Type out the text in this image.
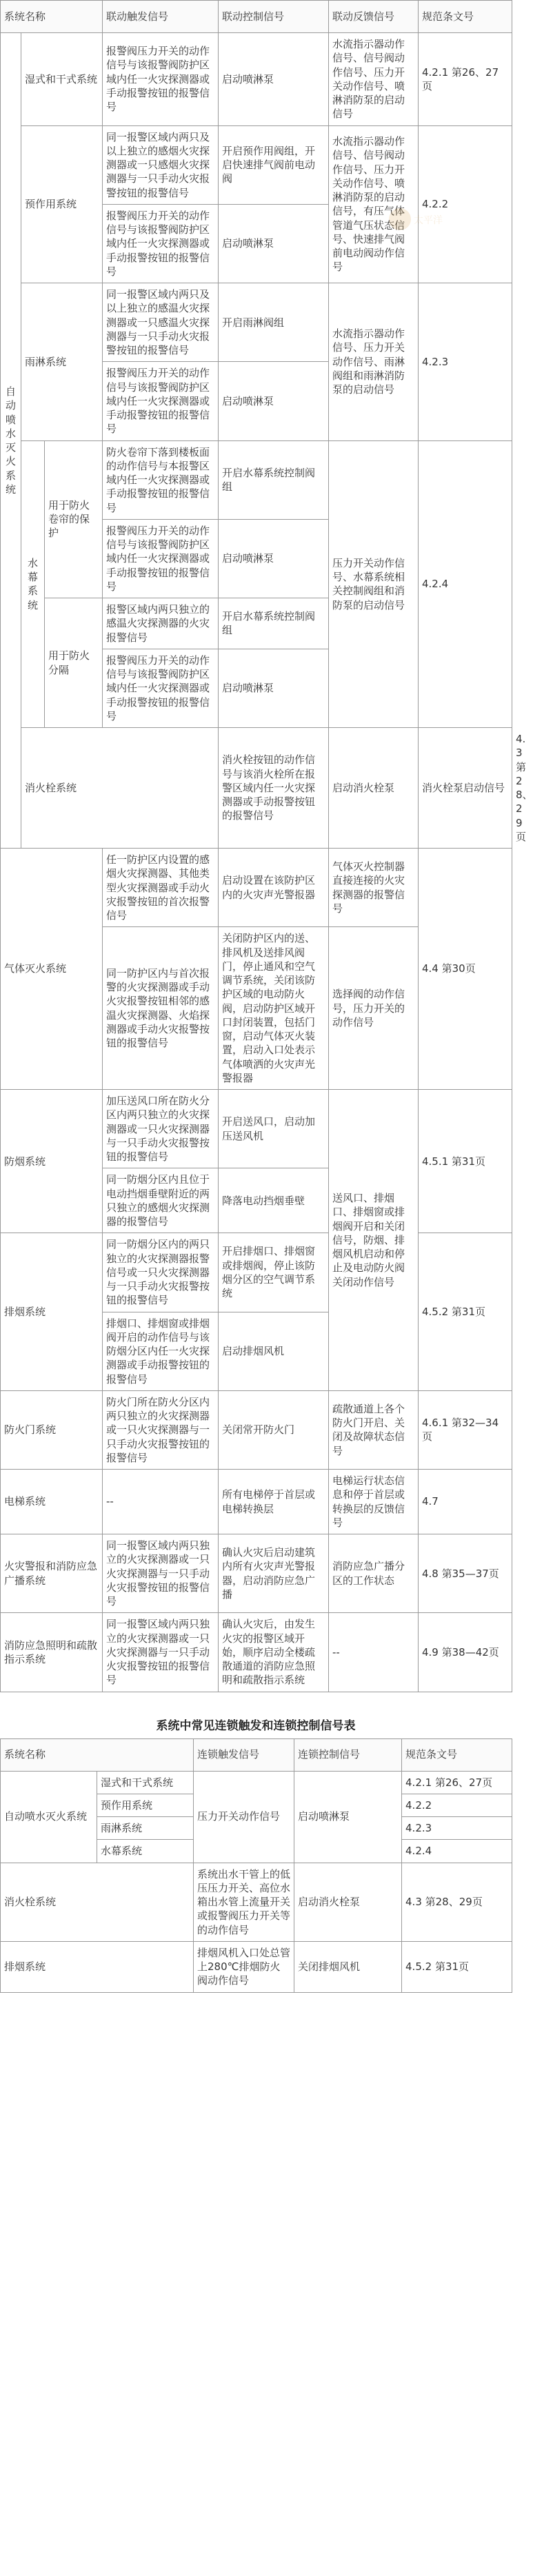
太平洋
系统名称			联动触发信号	联动控制信号	联动反馈信号	规范条文号	
自动喷水灭火系统	湿式和干式系统		报警阀压力开关的动作信号与该报警阀防护区域内任一火灾探测器或手动报警按钮的报警信号	启动喷淋泵	水流指示器动作信号、信号阀动作信号、压力开关动作信号、喷淋消防泵的启动信号	4.2.1 第26、27页	
	预作用系统		同一报警区域内两只及以上独立的感烟火灾探测器或一只感烟火灾探测器与一只手动火灾报警按钮的报警信号	开启预作用阀组，开启快速排气阀前电动阀	水流指示器动作信号、信号阀动作信号、压力开关动作信号、喷淋消防泵的启动信号，有压气体管道气压状态信号、快速排气阀前电动阀动作信号	4.2.2	
			报警阀压力开关的动作信号与该报警阀防护区域内任一火灾探测器或手动报警按钮的报警信号	启动喷淋泵			
	雨淋系统		同一报警区域内两只及以上独立的感温火灾探测器或一只感温火灾探测器与一只手动火灾报警按钮的报警信号	开启雨淋阀组	水流指示器动作信号、压力开关动作信号、雨淋阀组和雨淋消防泵的启动信号	4.2.3	
			报警阀压力开关的动作信号与该报警阀防护区域内任一火灾探测器或手动报警按钮的报警信号	启动喷淋泵			
	水幕系统	用于防火卷帘的保护	防火卷帘下落到楼板面的动作信号与本报警区域内任一火灾探测器或手动报警按钮的报警信号	开启水幕系统控制阀组	压力开关动作信号、水幕系统相关控制阀组和消防泵的启动信号	4.2.4	
			报警阀压力开关的动作信号与该报警阀防护区域内任一火灾探测器或手动报警按钮的报警信号	启动喷淋泵			
		用于防火分隔	报警区域内两只独立的感温火灾探测器的火灾报警信号	开启水幕系统控制阀组			
			报警阀压力开关的动作信号与该报警阀防护区域内任一火灾探测器或手动报警按钮的报警信号	启动喷淋泵			
	消火栓系统			消火栓按钮的动作信号与该消火栓所在报警区域内任一火灾探测器或手动报警按钮的报警信号	启动消火栓泵	消火栓泵启动信号	4.3 第28、29页
气体灭火系统			任一防护区内设置的感烟火灾探测器、其他类型火灾探测器或手动火灾报警按钮的首次报警信号	启动设置在该防护区内的火灾声光警报器	气体灭火控制器直接连接的火灾探测器的报警信号	4.4 第30页	
			同一防护区内与首次报警的火灾探测器或手动火灾报警按钮相邻的感温火灾探测器、火焰探测器或手动火灾报警按钮的报警信号	关闭防护区内的送、排风机及送排风阀门，停止通风和空气调节系统，关闭该防护区域的电动防火阀，启动防护区域开口封闭装置，包括门窗，启动气体灭火装置，启动入口处表示气体喷洒的火灾声光警报器	选择阀的动作信号，压力开关的动作信号		
防烟系统			加压送风口所在防火分区内两只独立的火灾探测器或一只火灾探测器与一只手动火灾报警按钮的报警信号	开启送风口，启动加压送风机	送风口、排烟口、排烟窗或排烟阀开启和关闭信号，防烟、排烟风机启动和停止及电动防火阀关闭动作信号	4.5.1 第31页	
			同一防烟分区内且位于电动挡烟垂壁附近的两只独立的感烟火灾探测器的报警信号	降落电动挡烟垂壁			
排烟系统			同一防烟分区内的两只独立的火灾探测器报警信号或一只火灾探测器与一只手动火灾报警按钮的报警信号	开启排烟口、排烟窗或排烟阀，停止该防烟分区的空气调节系统		4.5.2 第31页	
			排烟口、排烟窗或排烟阀开启的动作信号与该防烟分区内任一火灾探测器或手动报警按钮的报警信号	启动排烟风机			
防火门系统			防火门所在防火分区内两只独立的火灾探测器或一只火灾探测器与一只手动火灾报警按钮的报警信号	关闭常开防火门	疏散通道上各个防火门开启、关闭及故障状态信号	4.6.1 第32—34页	
电梯系统			--	所有电梯停于首层或电梯转换层	电梯运行状态信息和停于首层或转换层的反馈信号	4.7	
火灾警报和消防应急广播系统			同一报警区域内两只独立的火灾探测器或一只火灾探测器与一只手动火灾报警按钮的报警信号	确认火灾后启动建筑内所有火灾声光警报器，启动消防应急广播	消防应急广播分区的工作状态	4.8 第35—37页	
消防应急照明和疏散指示系统			同一报警区域内两只独立的火灾探测器或一只火灾探测器与一只手动火灾报警按钮的报警信号	确认火灾后，由发生火灾的报警区域开始，顺序启动全楼疏散通道的消防应急照明和疏散指示系统	--	4.9 第38—42页	
系统中常见连锁触发和连锁控制信号表
系统名称		连锁触发信号	连锁控制信号	规范条文号
自动喷水灭火系统	湿式和干式系统	压力开关动作信号	启动喷淋泵	4.2.1 第26、27页
	预作用系统			4.2.2
	雨淋系统			4.2.3
	水幕系统			4.2.4
消火栓系统		系统出水干管上的低压压力开关、高位水箱出水管上流量开关或报警阀压力开关等的动作信号	启动消火栓泵	4.3 第28、29页
排烟系统		排烟风机入口处总管上280℃排烟防火阀动作信号	关闭排烟风机	4.5.2 第31页
